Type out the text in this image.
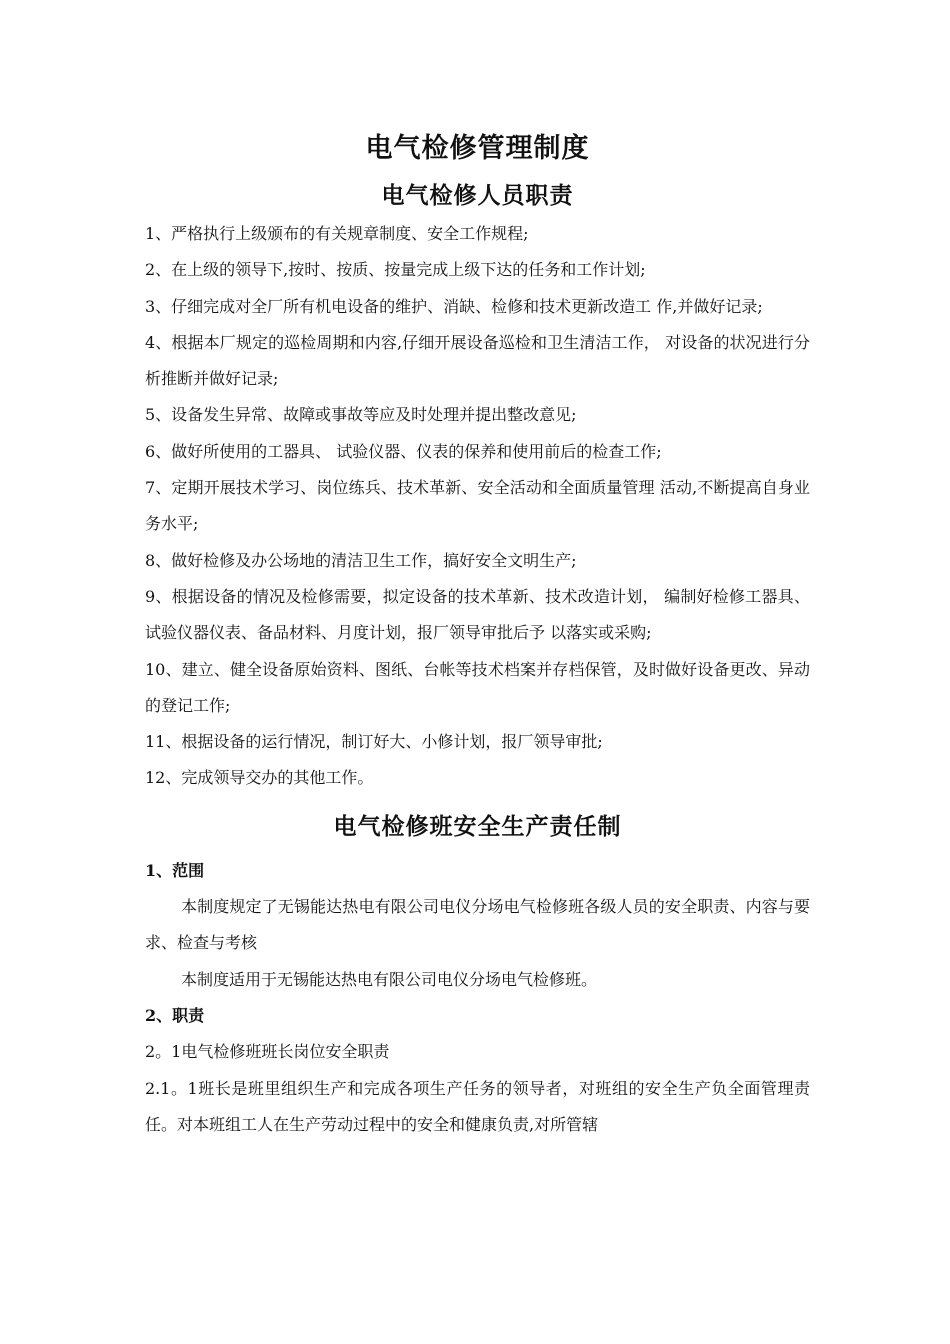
电气检修管理制度
电气检修人员职责

1、严格执行上级颁布的有关规章制度、安全工作规程;

2、在上级的领导下,按时、按质、按量完成上级下达的任务和工作计划;

3、仔细完成对全厂所有机电设备的维护、消缺、检修和技术更新改造工 作,并做好记录;

4、根据本厂规定的巡检周期和内容,仔细开展设备巡检和卫生清洁工作， 对设备的状况进行分析推断并做好记录;

5、设备发生异常、故障或事故等应及时处理并提出整改意见;

6、做好所使用的工器具、 试验仪器、仪表的保养和使用前后的检查工作;

7、定期开展技术学习、岗位练兵、技术革新、安全活动和全面质量管理 活动,不断提高自身业务水平;

8、做好检修及办公场地的清洁卫生工作，搞好安全文明生产;

9、根据设备的情况及检修需要，拟定设备的技术革新、技术改造计划， 编制好检修工器具、试验仪器仪表、备品材料、月度计划，报厂领导审批后予 以落实或采购;

10、建立、健全设备原始资料、图纸、台帐等技术档案并存档保管，及时做好设备更改、异动的登记工作;

11、根据设备的运行情况，制订好大、小修计划，报厂领导审批;

12、完成领导交办的其他工作。

电气检修班安全生产责任制

1、范围

本制度规定了无锡能达热电有限公司电仪分场电气检修班各级人员的安全职责、内容与要求、检查与考核

本制度适用于无锡能达热电有限公司电仪分场电气检修班。

2、职责

2。1电气检修班班长岗位安全职责

2.1。1班长是班里组织生产和完成各项生产任务的领导者，对班组的安全生产负全面管理责任。对本班组工人在生产劳动过程中的安全和健康负责,对所管辖
